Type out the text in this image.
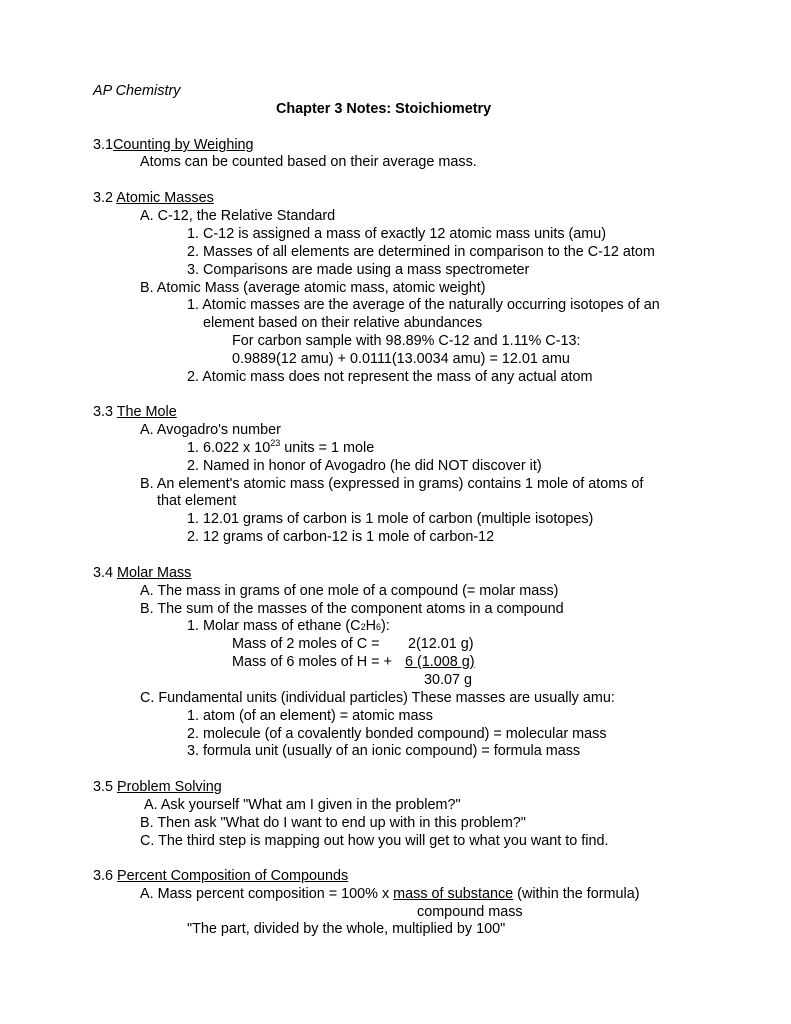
AP Chemistry
Chapter 3 Notes: Stoichiometry
3.1Counting by Weighing
Atoms can be counted based on their average mass.
3.2 Atomic Masses
A. C-12, the Relative Standard
1. C-12 is assigned a mass of exactly 12 atomic mass units (amu)
2. Masses of all elements are determined in comparison to the C-12 atom
3. Comparisons are made using a mass spectrometer
B. Atomic Mass (average atomic mass, atomic weight)
1. Atomic masses are the average of the naturally occurring isotopes of an
element based on their relative abundances
For carbon sample with 98.89% C-12 and 1.11% C-13:
0.9889(12 amu) + 0.0111(13.0034 amu) = 12.01 amu
2. Atomic mass does not represent the mass of any actual atom
3.3 The Mole
A. Avogadro's number
1. 6.022 x $10^{23}$ units = 1 mole
2. Named in honor of Avogadro (he did NOT discover it)
B. An element's atomic mass (expressed in grams) contains 1 mole of atoms of
that element
1. 12.01 grams of carbon is 1 mole of carbon (multiple isotopes)
2. 12 grams of carbon-12 is 1 mole of carbon-12
3.4 Molar Mass
A. The mass in grams of one mole of a compound (= molar mass)
B. The sum of the masses of the component atoms in a compound
1. Molar mass of ethane (C2H6):
Mass of 2 moles of C = 2(12.01 g)
Mass of 6 moles of H = + 6 (1.008 g)
30.07 g
C. Fundamental units (individual particles) These masses are usually amu:
1. atom (of an element) = atomic mass
2. molecule (of a covalently bonded compound) = molecular mass
3. formula unit (usually of an ionic compound) = formula mass
3.5 Problem Solving
A. Ask yourself "What am I given in the problem?"
B. Then ask "What do I want to end up with in this problem?"
C. The third step is mapping out how you will get to what you want to find.
3.6 Percent Composition of Compounds
A. Mass percent composition = 100% x mass of substance (within the formula)
compound mass
"The part, divided by the whole, multiplied by 100"
